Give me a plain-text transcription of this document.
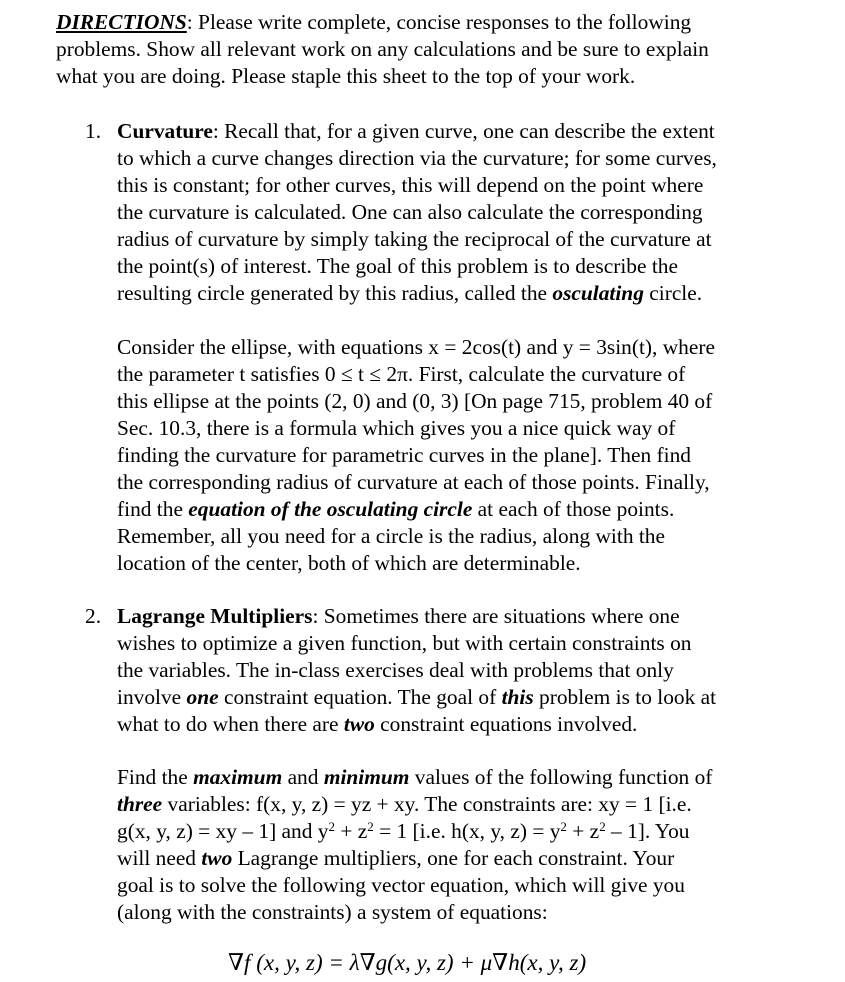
DIRECTIONS: Please write complete, concise responses to the following
problems. Show all relevant work on any calculations and be sure to explain
what you are doing. Please staple this sheet to the top of your work.
1. Curvature: Recall that, for a given curve, one can describe the extent
to which a curve changes direction via the curvature; for some curves,
this is constant; for other curves, this will depend on the point where
the curvature is calculated. One can also calculate the corresponding
radius of curvature by simply taking the reciprocal of the curvature at
the point(s) of interest. The goal of this problem is to describe the
resulting circle generated by this radius, called the osculating circle.
Consider the ellipse, with equations x = 2cos(t) and y = 3sin(t), where
the parameter t satisfies 0 ≤ t ≤ 2π. First, calculate the curvature of
this ellipse at the points (2, 0) and (0, 3) [On page 715, problem 40 of
Sec. 10.3, there is a formula which gives you a nice quick way of
finding the curvature for parametric curves in the plane]. Then find
the corresponding radius of curvature at each of those points. Finally,
find the equation of the osculating circle at each of those points.
Remember, all you need for a circle is the radius, along with the
location of the center, both of which are determinable.
2. Lagrange Multipliers: Sometimes there are situations where one
wishes to optimize a given function, but with certain constraints on
the variables. The in-class exercises deal with problems that only
involve one constraint equation. The goal of this problem is to look at
what to do when there are two constraint equations involved.
Find the maximum and minimum values of the following function of
three variables: f(x, y, z) = yz + xy. The constraints are: xy = 1 [i.e.
g(x, y, z) = xy – 1] and $y^2 + z^2 = 1$ [i.e. h(x, y, $z) = y^2 + z^2 - 1$]. You
will need two Lagrange multipliers, one for each constraint. Your
goal is to solve the following vector equation, which will give you
(along with the constraints) a system of equations:
∇f (x, y, z) = λ∇g(x, y, z) + μ∇h(x, y, z)
